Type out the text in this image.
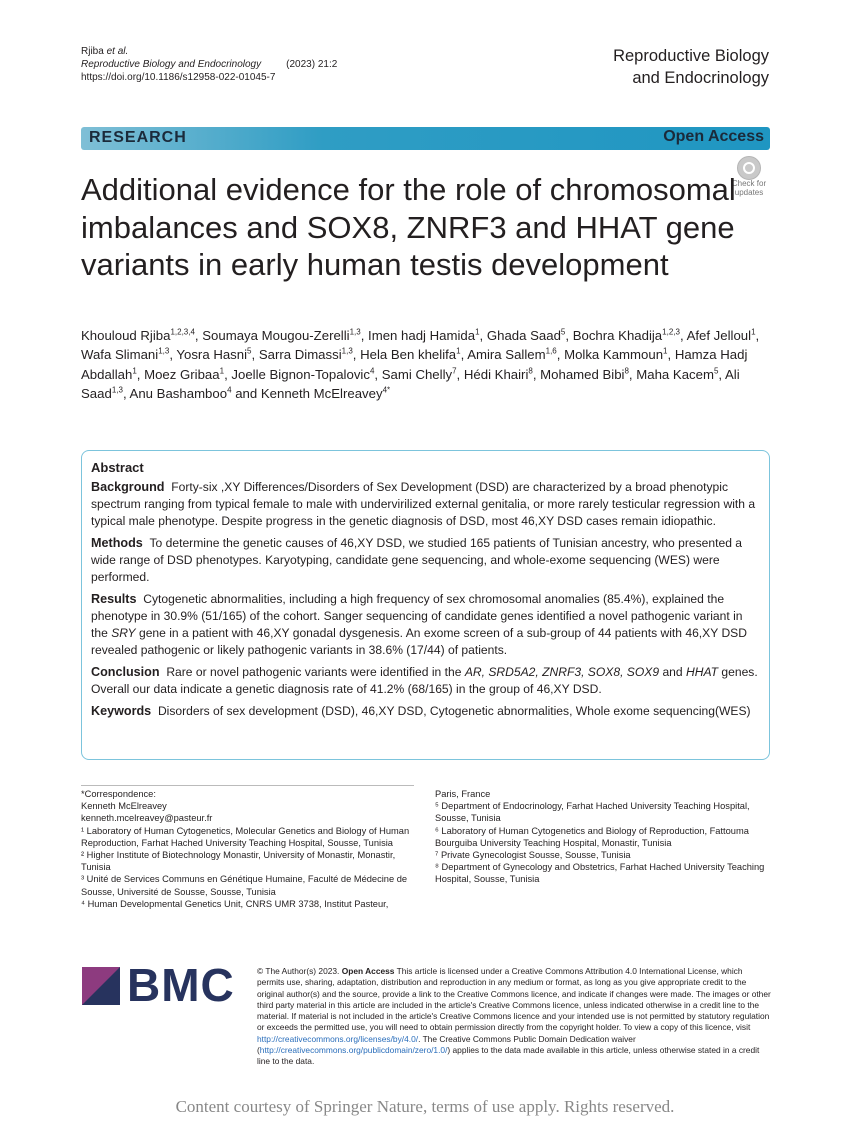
Rjiba et al.
Reproductive Biology and Endocrinology	(2023) 21:2
https://doi.org/10.1186/s12958-022-01045-7
Reproductive Biology
and Endocrinology
RESEARCH	Open Access
Check for
updates
Additional evidence for the role of chromosomal imbalances and SOX8, ZNRF3 and HHAT gene variants in early human testis development
Khouloud Rjiba$^{1,2,3,4}$, Soumaya Mougou-Zerelli$^{1,3}$, Imen hadj Hamida$^1$, Ghada Saad$^5$, Bochra Khadija$^{1,2,3}$, Afef Jelloul$^1$, Wafa Slimani$^{1,3}$, Yosra Hasni$^5$, Sarra Dimassi$^{1,3}$, Hela Ben khelifa$^1$, Amira Sallem$^{1,6}$, Molka Kammoun$^1$, Hamza Hadj Abdallah$^1$, Moez Gribaa$^1$, Joelle Bignon-Topalovic$^4$, Sami Chelly$^7$, Hédi Khairi$^8$, Mohamed Bibi$^8$, Maha Kacem$^5$, Ali Saad$^{1,3}$, Anu Bashamboo$^4$ and Kenneth McElreavey$^{4*}$
Abstract

Background Forty-six ,XY Differences/Disorders of Sex Development (DSD) are characterized by a broad phenotypic spectrum ranging from typical female to male with undervirilized external genitalia, or more rarely testicular regression with a typical male phenotype. Despite progress in the genetic diagnosis of DSD, most 46,XY DSD cases remain idiopathic.

Methods To determine the genetic causes of 46,XY DSD, we studied 165 patients of Tunisian ancestry, who presented a wide range of DSD phenotypes. Karyotyping, candidate gene sequencing, and whole-exome sequencing (WES) were performed.

Results Cytogenetic abnormalities, including a high frequency of sex chromosomal anomalies (85.4%), explained the phenotype in 30.9% (51/165) of the cohort. Sanger sequencing of candidate genes identified a novel pathogenic variant in the SRY gene in a patient with 46,XY gonadal dysgenesis. An exome screen of a sub-group of 44 patients with 46,XY DSD revealed pathogenic or likely pathogenic variants in 38.6% (17/44) of patients.

Conclusion Rare or novel pathogenic variants were identified in the AR, SRD5A2, ZNRF3, SOX8, SOX9 and HHAT genes. Overall our data indicate a genetic diagnosis rate of 41.2% (68/165) in the group of 46,XY DSD.

Keywords Disorders of sex development (DSD), 46,XY DSD, Cytogenetic abnormalities, Whole exome sequencing(WES)

*Correspondence:
Kenneth McElreavey
kenneth.mcelreavey@pasteur.fr
¹ Laboratory of Human Cytogenetics, Molecular Genetics and Biology of Human Reproduction, Farhat Hached University Teaching Hospital, Sousse, Tunisia
² Higher Institute of Biotechnology Monastir, University of Monastir, Monastir, Tunisia
³ Unité de Services Communs en Génétique Humaine, Faculté de Médecine de Sousse, Université de Sousse, Sousse, Tunisia
⁴ Human Developmental Genetics Unit, CNRS UMR 3738, Institut Pasteur,
Paris, France
⁵ Department of Endocrinology, Farhat Hached University Teaching Hospital, Sousse, Tunisia
⁶ Laboratory of Human Cytogenetics and Biology of Reproduction, Fattouma Bourguiba University Teaching Hospital, Monastir, Tunisia
⁷ Private Gynecologist Sousse, Sousse, Tunisia
⁸ Department of Gynecology and Obstetrics, Farhat Hached University Teaching Hospital, Sousse, Tunisia
BMC	© The Author(s) 2023. Open Access This article is licensed under a Creative Commons Attribution 4.0 International License, which permits use, sharing, adaptation, distribution and reproduction in any medium or format, as long as you give appropriate credit to the original author(s) and the source, provide a link to the Creative Commons licence, and indicate if changes were made. The images or other third party material in this article are included in the article's Creative Commons licence, unless indicated otherwise in a credit line to the material. If material is not included in the article's Creative Commons licence and your intended use is not permitted by statutory regulation or exceeds the permitted use, you will need to obtain permission directly from the copyright holder. To view a copy of this licence, visit http://creativecommons.org/licenses/by/4.0/. The Creative Commons Public Domain Dedication waiver (http://creativecommons.org/publicdomain/zero/1.0/) applies to the data made available in this article, unless otherwise stated in a credit line to the data.
Content courtesy of Springer Nature, terms of use apply. Rights reserved.
